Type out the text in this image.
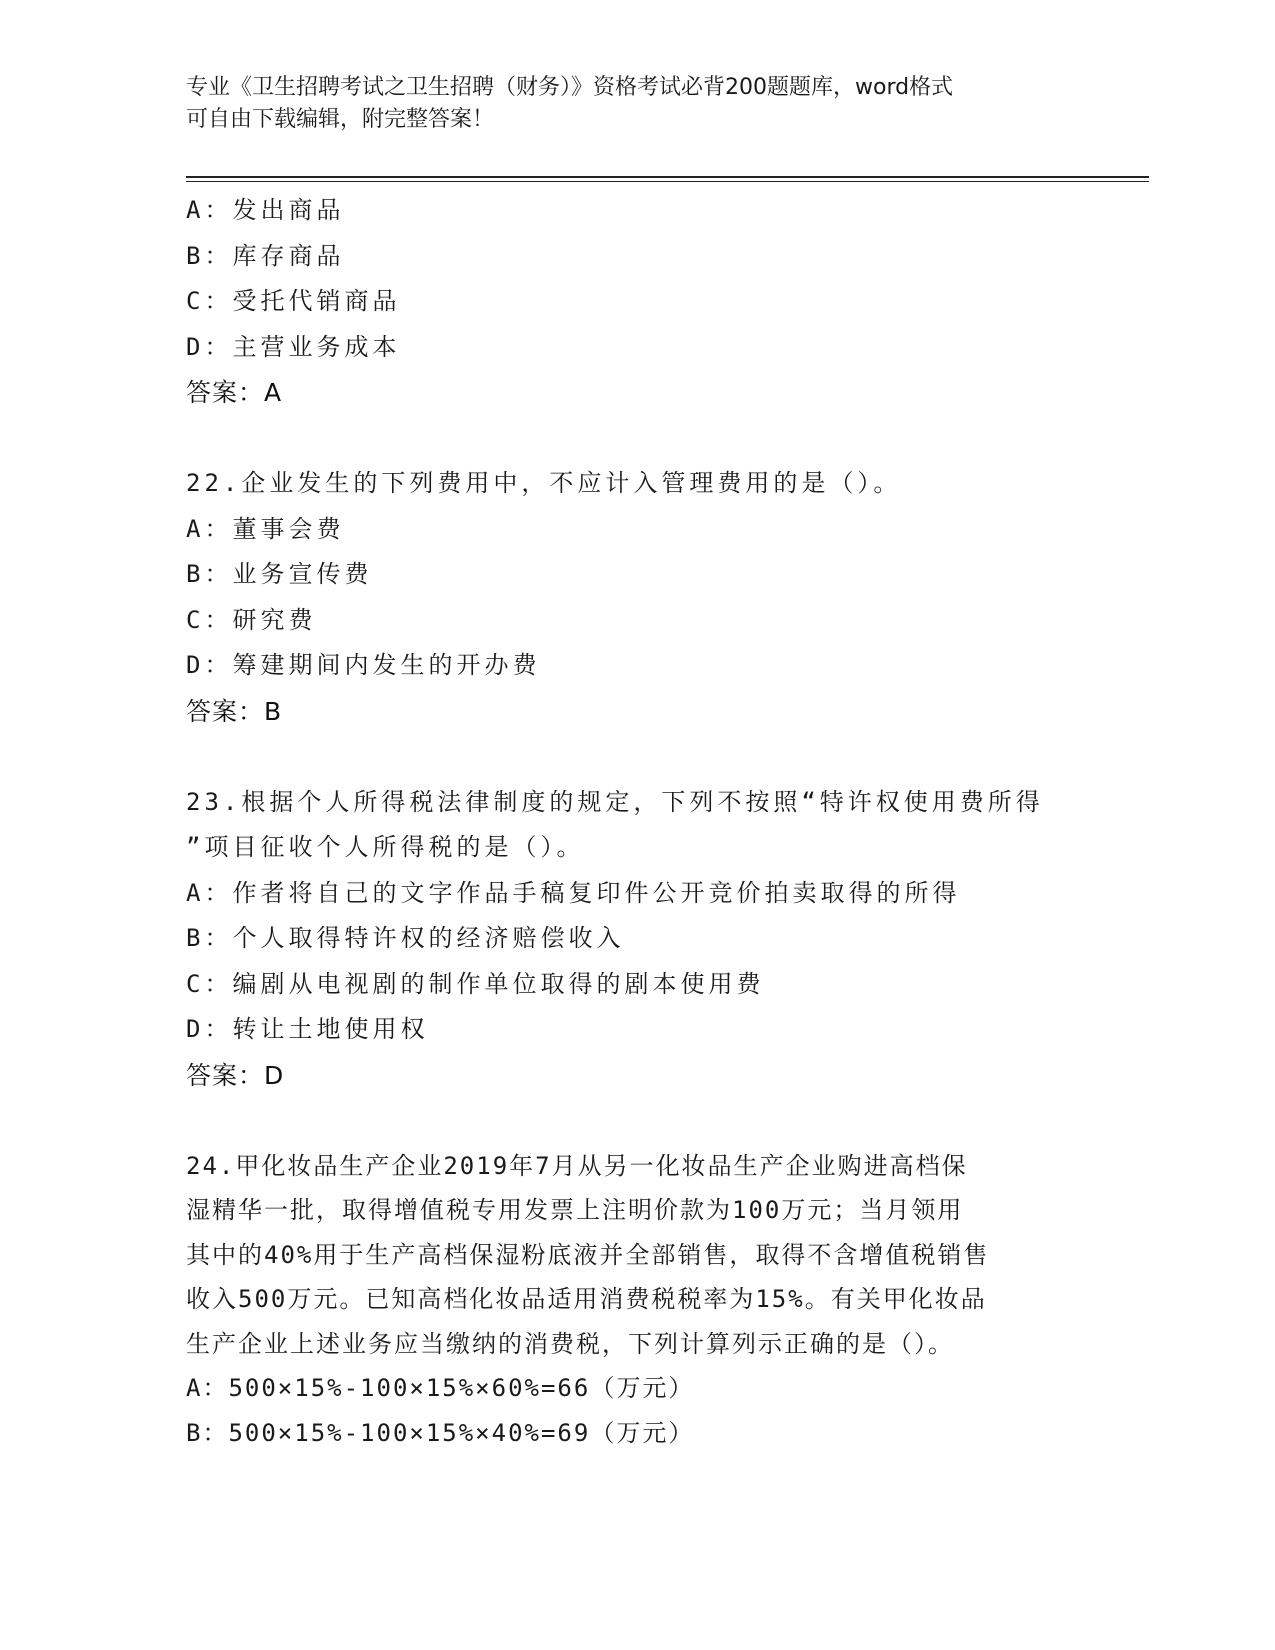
专业《卫生招聘考试之卫生招聘（财务）》资格考试必背200题题库，word格式
可自由下载编辑，附完整答案！
A：发出商品
B：库存商品
C：受托代销商品
D：主营业务成本
答案：A
22.企业发生的下列费用中，不应计入管理费用的是（）。
A：董事会费
B：业务宣传费
C：研究费
D：筹建期间内发生的开办费
答案：B
23.根据个人所得税法律制度的规定，下列不按照“特许权使用费所得
”项目征收个人所得税的是（）。
A：作者将自己的文字作品手稿复印件公开竞价拍卖取得的所得
B：个人取得特许权的经济赔偿收入
C：编剧从电视剧的制作单位取得的剧本使用费
D：转让土地使用权
答案：D
24.甲化妆品生产企业2019年7月从另一化妆品生产企业购进高档保
湿精华一批，取得增值税专用发票上注明价款为100万元；当月领用
其中的40%用于生产高档保湿粉底液并全部销售，取得不含增值税销售
收入500万元。已知高档化妆品适用消费税税率为15%。有关甲化妆品
生产企业上述业务应当缴纳的消费税，下列计算列示正确的是（）。
A：500×15%-100×15%×60%=66（万元）
B：500×15%-100×15%×40%=69（万元）
